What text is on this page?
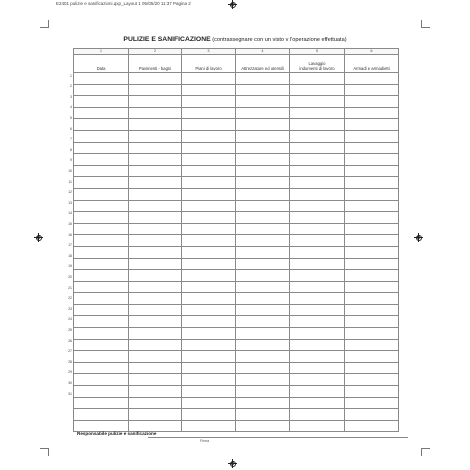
E2401 pulizie e sanificazioni.qxp_Layout 1 05/05/20 11:37 Pagina 2
PULIZIE E SANIFICAZIONE (contrassegnare con un visto v l'operazione effettuata)
1	2	3	4	5	6
Data	Pavimenti - bagni	Piani di lavoro	Attrezzature ed utensili	Lavaggio
indumenti di lavoro	Armadi e armadietti

1
2
3
4
5
6
7
8
9
10
11
12
13
14
15
16
17
18
19
20
21
22
23
24
25
26
27
28
29
30
31
Responsabile pulizie e sanificazione
Firma
